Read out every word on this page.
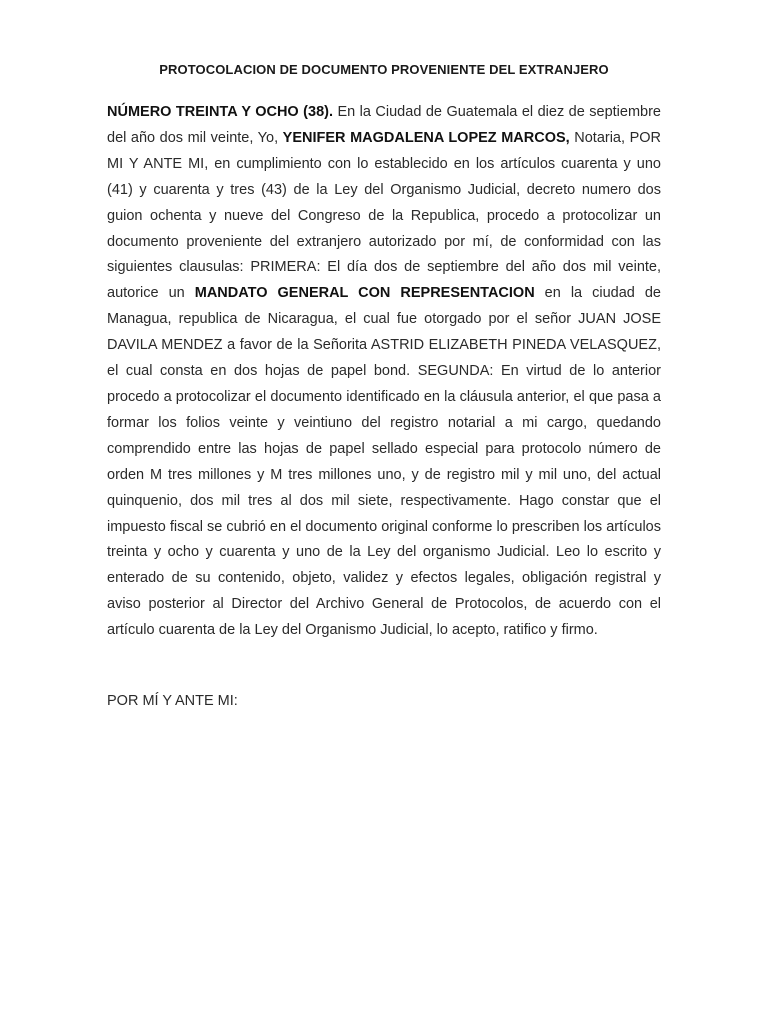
PROTOCOLACION DE DOCUMENTO PROVENIENTE DEL EXTRANJERO

NÚMERO TREINTA Y OCHO (38). En la Ciudad de Guatemala el diez de septiembre del año dos mil veinte, Yo, YENIFER MAGDALENA LOPEZ MARCOS, Notaria, POR MI Y ANTE MI, en cumplimiento con lo establecido en los artículos cuarenta y uno (41) y cuarenta y tres (43) de la Ley del Organismo Judicial, decreto numero dos guion ochenta y nueve del Congreso de la Republica, procedo a protocolizar un documento proveniente del extranjero autorizado por mí, de conformidad con las siguientes clausulas: PRIMERA: El día dos de septiembre del año dos mil veinte, autorice un MANDATO GENERAL CON REPRESENTACION en la ciudad de Managua, republica de Nicaragua, el cual fue otorgado por el señor JUAN JOSE DAVILA MENDEZ a favor de la Señorita ASTRID ELIZABETH PINEDA VELASQUEZ, el cual consta en dos hojas de papel bond. SEGUNDA: En virtud de lo anterior procedo a protocolizar el documento identificado en la cláusula anterior, el que pasa a formar los folios veinte y veintiuno del registro notarial a mi cargo, quedando comprendido entre las hojas de papel sellado especial para protocolo número de orden M tres millones y M tres millones uno, y de registro mil y mil uno, del actual quinquenio, dos mil tres al dos mil siete, respectivamente. Hago constar que el impuesto fiscal se cubrió en el documento original conforme lo prescriben los artículos treinta y ocho y cuarenta y uno de la Ley del organismo Judicial. Leo lo escrito y enterado de su contenido, objeto, validez y efectos legales, obligación registral y aviso posterior al Director del Archivo General de Protocolos, de acuerdo con el artículo cuarenta de la Ley del Organismo Judicial, lo acepto, ratifico y firmo.

POR MÍ Y ANTE MI:
